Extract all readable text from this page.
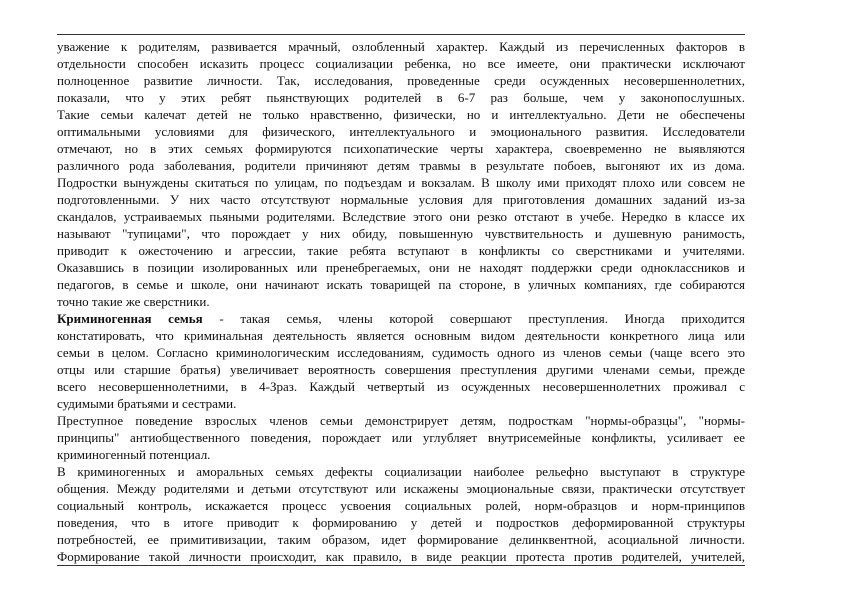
уважение к родителям, развивается мрачный, озлобленный характер. Каждый из перечисленных факторов в
отдельности способен исказить процесс социализации ребенка, но все имеете, они практически исключают
полноценное развитие личности. Так, исследования, проведенные среди осужденных несовершеннолетних,
показали, что у этих ребят пьянствующих родителей в 6-7 раз больше, чем у законопослушных.
Такие семьи калечат детей не только нравственно, физически, но и интеллектуально. Дети не обеспечены
оптимальными условиями для физического, интеллектуального и эмоционального развития. Исследователи
отмечают, но в этих семьях формируются психопатические черты характера, своевременно не выявляются
различного рода заболевания, родители причиняют детям травмы в результате побоев, выгоняют их из дома.
Подростки вынуждены скитаться по улицам, по подъездам и вокзалам. В школу ими приходят плохо или совсем не
подготовленными. У них часто отсутствуют нормальные условия для приготовления домашних заданий из-за
скандалов, устраиваемых пьяными родителями. Вследствие этого они резко отстают в учебе. Нередко в классе их
называют "тупицами", что порождает у них обиду, повышенную чувствительность и душевную ранимость,
приводит к ожесточению и агрессии, такие ребята вступают в конфликты со сверстниками и учителями.
Оказавшись в позиции изолированных или пренебрегаемых, они не находят поддержки среди одноклассников и
педагогов, в семье и школе, они начинают искать товарищей па стороне, в уличных компаниях, где собираются
точно такие же сверстники.
Криминогенная семья - такая семья, члены которой совершают преступления. Иногда приходится
констатировать, что криминальная деятельность является основным видом деятельности конкретного лица или
семьи в целом. Согласно криминологическим исследованиям, судимость одного из членов семьи (чаще всего это
отцы или старшие братья) увеличивает вероятность совершения преступления другими членами семьи, прежде
всего несовершеннолетними, в 4-Зраз. Каждый четвертый из осужденных несовершеннолетних проживал с
судимыми братьями и сестрами.
Преступное поведение взрослых членов семьи демонстрирует детям, подросткам "нормы-образцы", "нормы-
принципы" антиобщественного поведения, порождает или углубляет внутрисемейные конфликты, усиливает ее
криминогенный потенциал.
В криминогенных и аморальных семьях дефекты социализации наиболее рельефно выступают в структуре
общения. Между родителями и детьми отсутствуют или искажены эмоциональные связи, практически отсутствует
социальный контроль, искажается процесс усвоения социальных ролей, норм-образцов и норм-принципов
поведения, что в итоге приводит к формированию у детей и подростков деформированной структуры
потребностей, ее примитивизации, таким образом, идет формирование делинквентной, асоциальной личности.
Формирование такой личности происходит, как правило, в виде реакции протеста против родителей, учителей,
